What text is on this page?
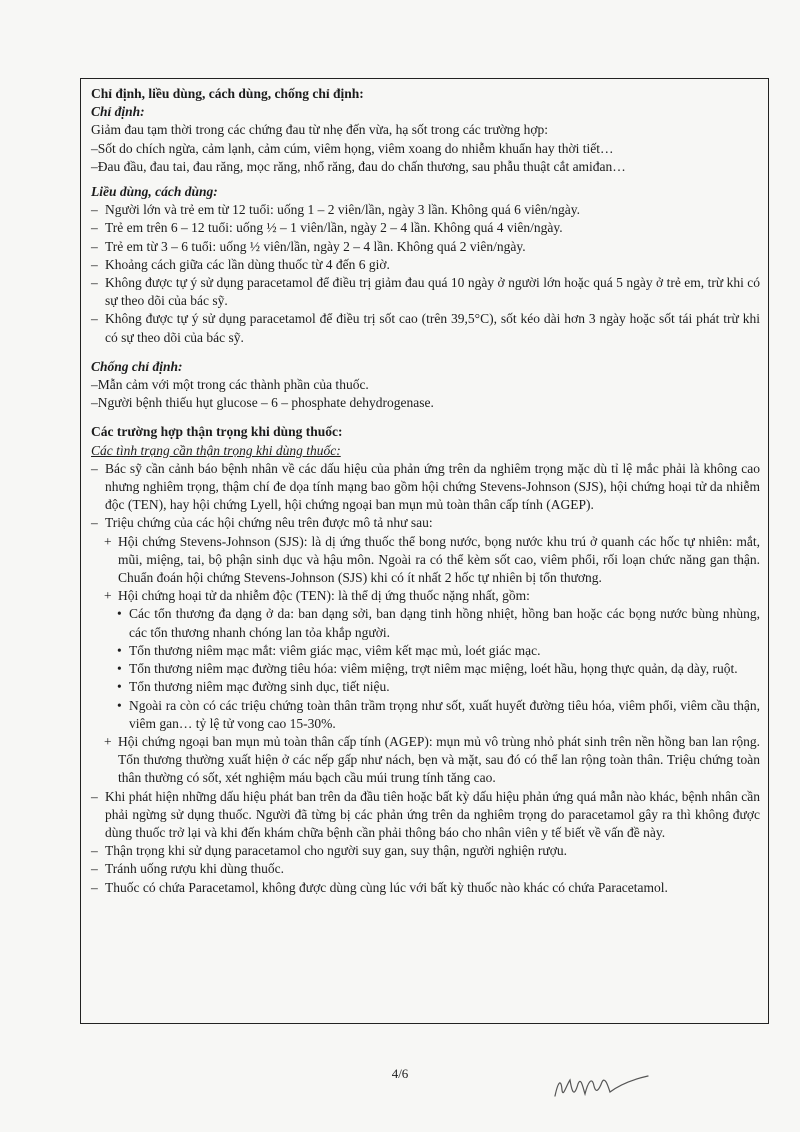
Chỉ định, liều dùng, cách dùng, chống chỉ định:
Chỉ định:
Giảm đau tạm thời trong các chứng đau từ nhẹ đến vừa, hạ sốt trong các trường hợp:
–Sốt do chích ngừa, cảm lạnh, cảm cúm, viêm họng, viêm xoang do nhiễm khuẩn hay thời tiết…
–Đau đầu, đau tai, đau răng, mọc răng, nhổ răng, đau do chấn thương, sau phẫu thuật cắt amiđan…
Liều dùng, cách dùng:
– Người lớn và trẻ em từ 12 tuổi: uống 1 – 2 viên/lần, ngày 3 lần. Không quá 6 viên/ngày.
– Trẻ em trên 6 – 12 tuổi: uống ½ – 1 viên/lần, ngày 2 – 4 lần. Không quá 4 viên/ngày.
– Trẻ em từ 3 – 6 tuổi: uống ½ viên/lần, ngày 2 – 4 lần. Không quá 2 viên/ngày.
– Khoảng cách giữa các lần dùng thuốc từ 4 đến 6 giờ.
– Không được tự ý sử dụng paracetamol để điều trị giảm đau quá 10 ngày ở người lớn hoặc quá 5 ngày ở trẻ em, trừ khi có sự theo dõi của bác sỹ.
– Không được tự ý sử dụng paracetamol để điều trị sốt cao (trên 39,5°C), sốt kéo dài hơn 3 ngày hoặc sốt tái phát trừ khi có sự theo dõi của bác sỹ.
Chống chỉ định:
–Mẫn cảm với một trong các thành phần của thuốc.
–Người bệnh thiếu hụt glucose – 6 – phosphate dehydrogenase.
Các trường hợp thận trọng khi dùng thuốc:
Các tình trạng cần thận trọng khi dùng thuốc:
– Bác sỹ cần cảnh báo bệnh nhân về các dấu hiệu của phản ứng trên da nghiêm trọng mặc dù tỉ lệ mắc phải là không cao nhưng nghiêm trọng, thậm chí đe dọa tính mạng bao gồm hội chứng Stevens-Johnson (SJS), hội chứng hoại tử da nhiễm độc (TEN), hay hội chứng Lyell, hội chứng ngoại ban mụn mủ toàn thân cấp tính (AGEP).
– Triệu chứng của các hội chứng nêu trên được mô tả như sau:
+ Hội chứng Stevens-Johnson (SJS): là dị ứng thuốc thể bong nước, bọng nước khu trú ở quanh các hốc tự nhiên: mắt, mũi, miệng, tai, bộ phận sinh dục và hậu môn. Ngoài ra có thể kèm sốt cao, viêm phổi, rối loạn chức năng gan thận. Chuẩn đoán hội chứng Stevens-Johnson (SJS) khi có ít nhất 2 hốc tự nhiên bị tổn thương.
+ Hội chứng hoại tử da nhiễm độc (TEN): là thể dị ứng thuốc nặng nhất, gồm:
• Các tổn thương đa dạng ở da: ban dạng sởi, ban dạng tinh hồng nhiệt, hồng ban hoặc các bọng nước bùng nhùng, các tổn thương nhanh chóng lan tỏa khắp người.
• Tổn thương niêm mạc mắt: viêm giác mạc, viêm kết mạc mủ, loét giác mạc.
• Tổn thương niêm mạc đường tiêu hóa: viêm miệng, trợt niêm mạc miệng, loét hầu, họng thực quản, dạ dày, ruột.
• Tổn thương niêm mạc đường sinh dục, tiết niệu.
• Ngoài ra còn có các triệu chứng toàn thân trầm trọng như sốt, xuất huyết đường tiêu hóa, viêm phổi, viêm cầu thận, viêm gan… tỷ lệ tử vong cao 15-30%.
+ Hội chứng ngoại ban mụn mủ toàn thân cấp tính (AGEP): mụn mủ vô trùng nhỏ phát sinh trên nền hồng ban lan rộng. Tổn thương thường xuất hiện ở các nếp gấp như nách, bẹn và mặt, sau đó có thể lan rộng toàn thân. Triệu chứng toàn thân thường có sốt, xét nghiệm máu bạch cầu múi trung tính tăng cao.
– Khi phát hiện những dấu hiệu phát ban trên da đầu tiên hoặc bất kỳ dấu hiệu phản ứng quá mẫn nào khác, bệnh nhân cần phải ngừng sử dụng thuốc. Người đã từng bị các phản ứng trên da nghiêm trọng do paracetamol gây ra thì không được dùng thuốc trở lại và khi đến khám chữa bệnh cần phải thông báo cho nhân viên y tế biết về vấn đề này.
– Thận trọng khi sử dụng paracetamol cho người suy gan, suy thận, người nghiện rượu.
– Tránh uống rượu khi dùng thuốc.
– Thuốc có chứa Paracetamol, không được dùng cùng lúc với bất kỳ thuốc nào khác có chứa Paracetamol.
4/6
